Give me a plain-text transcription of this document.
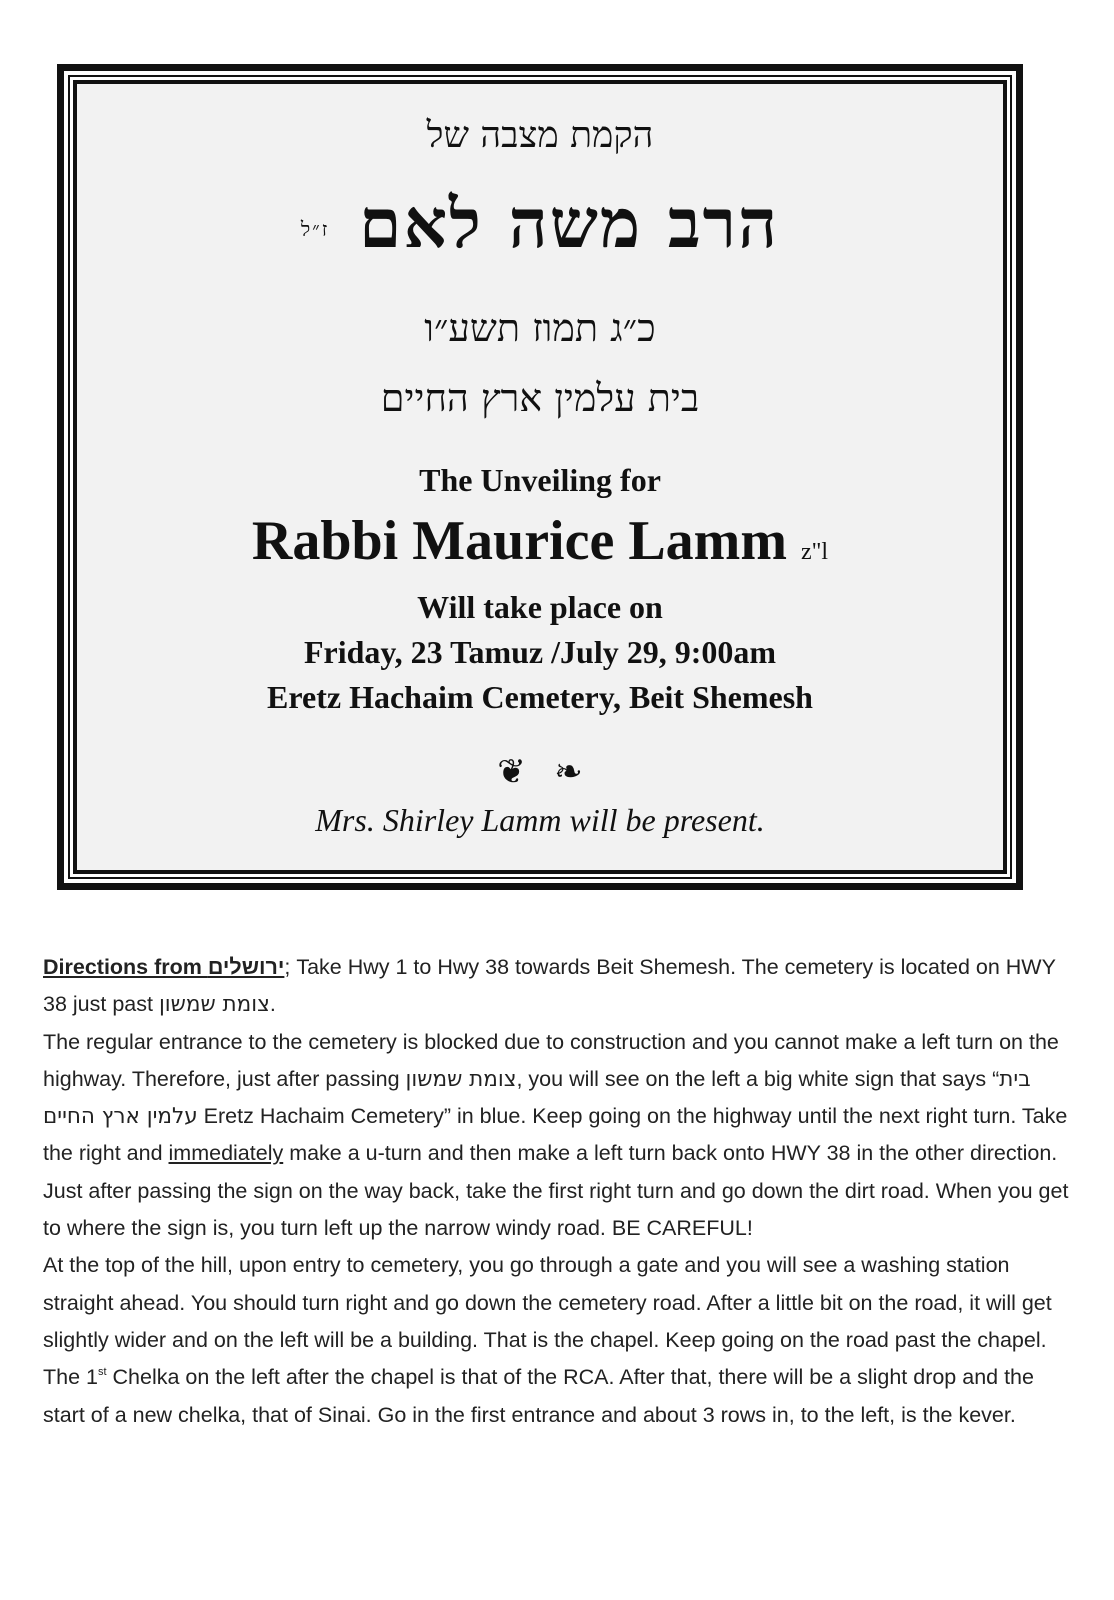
הקמת מצבה של
הרב משה לאם ז״ל
כ״ג תמוז תשע״ו
בית עלמין ארץ החיים
The Unveiling for
Rabbi Maurice Lamm z"l
Will take place on
Friday, 23 Tamuz /July 29, 9:00am
Eretz Hachaim Cemetery, Beit Shemesh
❦ ❧
Mrs. Shirley Lamm will be present.

Directions from ירושלים; Take Hwy 1 to Hwy 38 towards Beit Shemesh. The cemetery is located on HWY 38 just past צומת שמשון.

The regular entrance to the cemetery is blocked due to construction and you cannot make a left turn on the highway. Therefore, just after passing צומת שמשון, you will see on the left a big white sign that says “בית עלמין ארץ החיים Eretz Hachaim Cemetery” in blue. Keep going on the highway until the next right turn. Take the right and immediately make a u-turn and then make a left turn back onto HWY 38 in the other direction. Just after passing the sign on the way back, take the first right turn and go down the dirt road. When you get to where the sign is, you turn left up the narrow windy road. BE CAREFUL!

At the top of the hill, upon entry to cemetery, you go through a gate and you will see a washing station straight ahead. You should turn right and go down the cemetery road. After a little bit on the road, it will get slightly wider and on the left will be a building. That is the chapel. Keep going on the road past the chapel. The 1st Chelka on the left after the chapel is that of the RCA. After that, there will be a slight drop and the start of a new chelka, that of Sinai. Go in the first entrance and about 3 rows in, to the left, is the kever.
